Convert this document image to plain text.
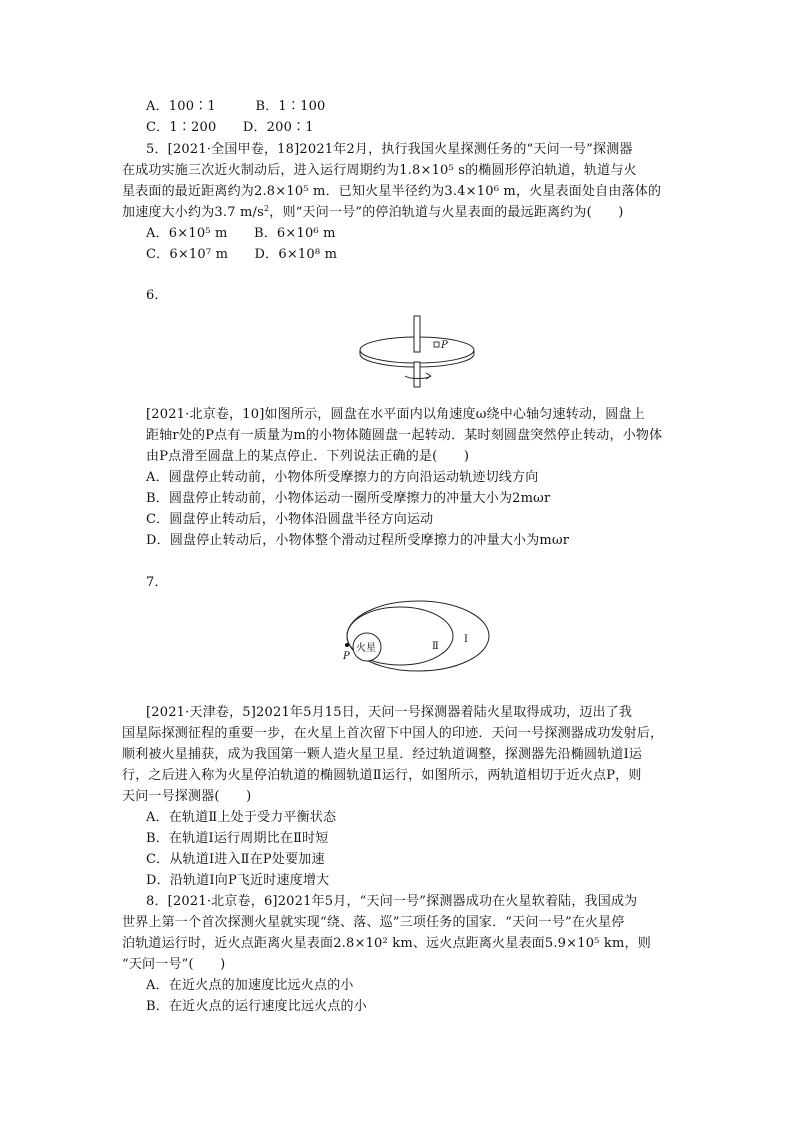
A．100∶1　　　B．1∶100
C．1∶200　　D．200∶1
5．[2021·全国甲卷，18]2021年2月，执行我国火星探测任务的“天问一号”探测器
在成功实施三次近火制动后，进入运行周期约为1.8×10⁵ s的椭圆形停泊轨道，轨道与火
星表面的最近距离约为2.8×10⁵ m．已知火星半径约为3.4×10⁶ m，火星表面处自由落体的
加速度大小约为3.7 $m/s^2$，则“天问一号”的停泊轨道与火星表面的最远距离约为(　　)
A．6×10⁵ m　　B．6×10⁶ m
C．6×10⁷ m　　D．6×10⁸ m
6．
P
[2021·北京卷，10]如图所示，圆盘在水平面内以角速度ω绕中心轴匀速转动，圆盘上
距轴r处的P点有一质量为m的小物体随圆盘一起转动．某时刻圆盘突然停止转动，小物体
由P点滑至圆盘上的某点停止．下列说法正确的是(　　)
A．圆盘停止转动前，小物体所受摩擦力的方向沿运动轨迹切线方向
B．圆盘停止转动前，小物体运动一圈所受摩擦力的冲量大小为2mωr
C．圆盘停止转动后，小物体沿圆盘半径方向运动
D．圆盘停止转动后，小物体整个滑动过程所受摩擦力的冲量大小为mωr
7．
火星	Ⅱ
Ⅰ
P
[2021·天津卷，5]2021年5月15日，天问一号探测器着陆火星取得成功，迈出了我
国星际探测征程的重要一步，在火星上首次留下中国人的印迹．天问一号探测器成功发射后，
顺利被火星捕获，成为我国第一颗人造火星卫星．经过轨道调整，探测器先沿椭圆轨道Ⅰ运
行，之后进入称为火星停泊轨道的椭圆轨道Ⅱ运行，如图所示，两轨道相切于近火点P，则
天问一号探测器(　　)
A．在轨道Ⅱ上处于受力平衡状态
B．在轨道Ⅰ运行周期比在Ⅱ时短
C．从轨道Ⅰ进入Ⅱ在P处要加速
D．沿轨道Ⅰ向P飞近时速度增大
8．[2021·北京卷，6]2021年5月，“天问一号”探测器成功在火星软着陆，我国成为
世界上第一个首次探测火星就实现“绕、落、巡”三项任务的国家．“天问一号”在火星停
泊轨道运行时，近火点距离火星表面2.8×10² km、远火点距离火星表面5.9×10⁵ km，则
“天问一号”(　　)
A．在近火点的加速度比远火点的小
B．在近火点的运行速度比远火点的小
